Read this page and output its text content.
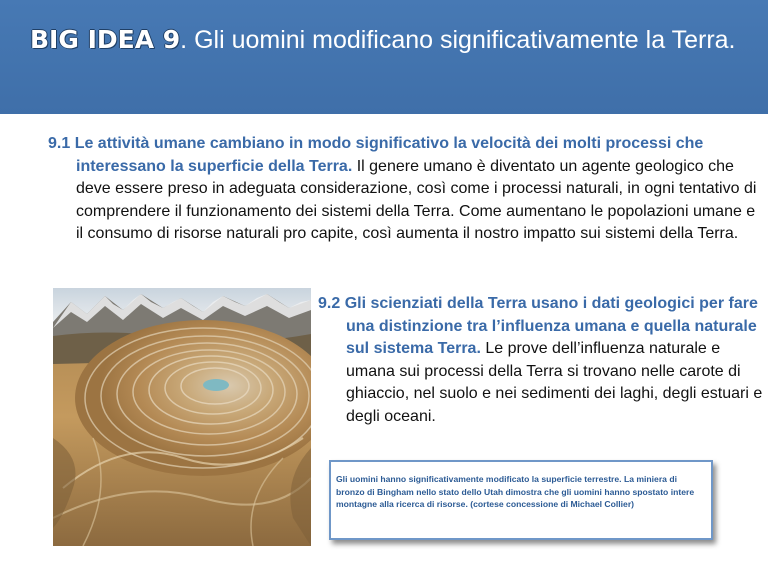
BIG IDEA 9. Gli uomini modificano significativamente la Terra.
9.1 Le attività umane cambiano in modo significativo la velocità dei molti processi che interessano la superficie della Terra. Il genere umano è diventato un agente geologico che deve essere preso in adeguata considerazione, così come i processi naturali, in ogni tentativo di comprendere il funzionamento dei sistemi della Terra. Come aumentano le popolazioni umane e il consumo di risorse naturali pro capite, così aumenta il nostro impatto sui sistemi della Terra.
9.2 Gli scienziati della Terra usano i dati geologici per fare una distinzione tra l’influenza umana e quella naturale sul sistema Terra. Le prove dell’influenza naturale e umana sui processi della Terra si trovano nelle carote di ghiaccio, nel suolo e nei sedimenti dei laghi, degli estuari e degli oceani.
Gli uomini hanno significativamente modificato la superficie terrestre. La miniera di bronzo di Bingham nello stato dello Utah dimostra che gli uomini hanno spostato intere montagne alla ricerca di risorse. (cortese concessione di Michael Collier)
